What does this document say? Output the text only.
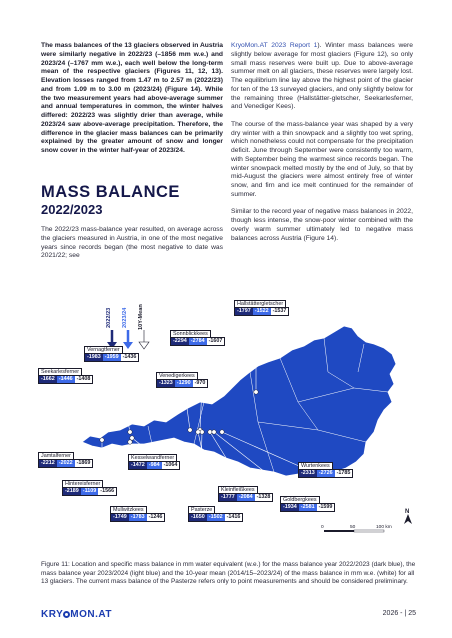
The mass balances of the 13 glaciers observed in Austria were similarly negative in 2022/23 (–1856 mm w.e.) and 2023/24 (–1767 mm w.e.), each well below the long-term mean of the respective glaciers (Figures 11, 12, 13). Elevation losses ranged from 1.47 m to 2.57 m (2022/23) and from 1.09 m to 3.00 m (2023/24) (Figure 14). While the two measurement years had above-average summer and annual temperatures in common, the winter halves differed: 2022/23 was slightly drier than average, while 2023/24 saw above-average precipitation. Therefore, the difference in the glacier mass balances can be primarily explained by the greater amount of snow and longer snow cover in the winter half-year of 2023/24.

MASS BALANCE
2022/2023
The 2022/23 mass-balance year resulted, on average across the glaciers measured in Austria, in one of the most negative years since records began (the most negative to date was 2021/22; see

KryoMon.AT 2023 Report 1). Winter mass balances were slightly below average for most glaciers (Figure 12), so only small mass reserves were built up. Due to above-average summer melt on all glaciers, these reserves were largely lost. The equilibrium line lay above the highest point of the glacier for ten of the 13 surveyed glaciers, and only slightly below for the remaining three (Hallstätter-gletscher, Seekarlesferner, and Venediger Kees).

The course of the mass-balance year was shaped by a very dry winter with a thin snowpack and a slightly too wet spring, which nonetheless could not compensate for the precipitation deficit. June through September were consistently too warm, with September being the warmest since records began. The winter snowpack melted mostly by the end of July, so that by mid-August the glaciers were almost entirely free of winter snow, and firn and ice melt continued for the remainder of summer.

Similar to the record year of negative mass balances in 2022, though less intense, the snow-poor winter combined with the overly warm summer ultimately led to negative mass balances across Austria (Figure 14).

N
0	50	100 km
2022/23 2023/24 10Y-Mean
Hallstättergletscher
-1797 -1522 -1537
Sonnblickkees
-2294 -2784 -1607
Vernagtferner
-1983 -1959 -1436
Seekarlesferner
-1662 -1446 -1408
Venedigerkees
-1323 -1290 -970
Jamtalferner
-2212 -2022 -1869
Kesselwandferner
-1472 -984 -1064
Hintereisferner
-2189 -1109 -1566
Wurtenkees
-2313 -2726 -1785
Kleinfleißkees
-1777 -2084 -1328	Goldbergkees
-1934 -2581 -1599
Mullwitzkees
-1749 -1783 -1246
Pasterze
-1650 -1502 -1416
Figure 11: Location and specific mass balance in mm water equivalent (w.e.) for the mass balance year 2022/2023 (dark blue), the mass balance year 2023/2024 (light blue) and the 10-year mean (2014/15–2023/24) of the mass balance in mm w.e. (white) for all 13 glaciers. The current mass balance of the Pasterze refers only to point measurements and should be considered preliminary.
KRY MON.AT	2026 - | 25
